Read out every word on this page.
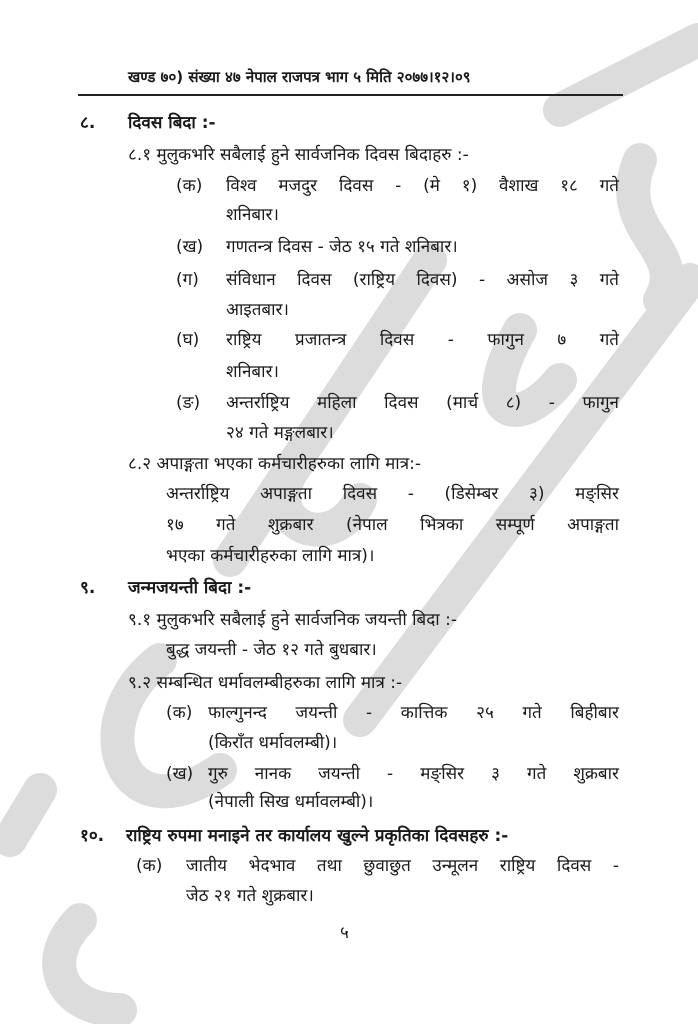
खण्ड ७०) संख्या ४७ नेपाल राजपत्र भाग ५ मिति २०७७।१२।०९
८. दिवस बिदा :-
८.१ मुलुकभरि सबैलाई हुने सार्वजनिक दिवस बिदाहरु :-
(क) विश्व मजदुर दिवस - (मे १) वैशाख १८ गते
शनिबार।
(ख) गणतन्त्र दिवस - जेठ १५ गते शनिबार।
(ग) संविधान दिवस (राष्ट्रिय दिवस) - असोज ३ गते
आइतबार।
(घ) राष्ट्रिय प्रजातन्त्र दिवस - फागुन ७ गते
शनिबार।
(ङ) अन्तर्राष्ट्रिय महिला दिवस (मार्च ८) - फागुन
२४ गते मङ्गलबार।
८.२ अपाङ्गता भएका कर्मचारीहरुका लागि मात्र:-
अन्तर्राष्ट्रिय अपाङ्गता दिवस - (डिसेम्बर ३) मङ्सिर
१७ गते शुक्रबार (नेपाल भित्रका सम्पूर्ण अपाङ्गता
भएका कर्मचारीहरुका लागि मात्र)।
९. जन्मजयन्ती बिदा :-
९.१ मुलुकभरि सबैलाई हुने सार्वजनिक जयन्ती बिदा :-
बुद्ध जयन्ती - जेठ १२ गते बुधबार।
९.२ सम्बन्धित धर्मावलम्बीहरुका लागि मात्र :-
(क) फाल्गुनन्द जयन्ती - कात्तिक २५ गते बिहीबार
(किराँत धर्मावलम्बी)।
(ख) गुरु नानक जयन्ती - मङ्सिर ३ गते शुक्रबार
(नेपाली सिख धर्मावलम्बी)।
१०. राष्ट्रिय रुपमा मनाइने तर कार्यालय खुल्ने प्रकृतिका दिवसहरु :-
(क) जातीय भेदभाव तथा छुवाछुत उन्मूलन राष्ट्रिय दिवस -
जेठ २१ गते शुक्रबार।
५
